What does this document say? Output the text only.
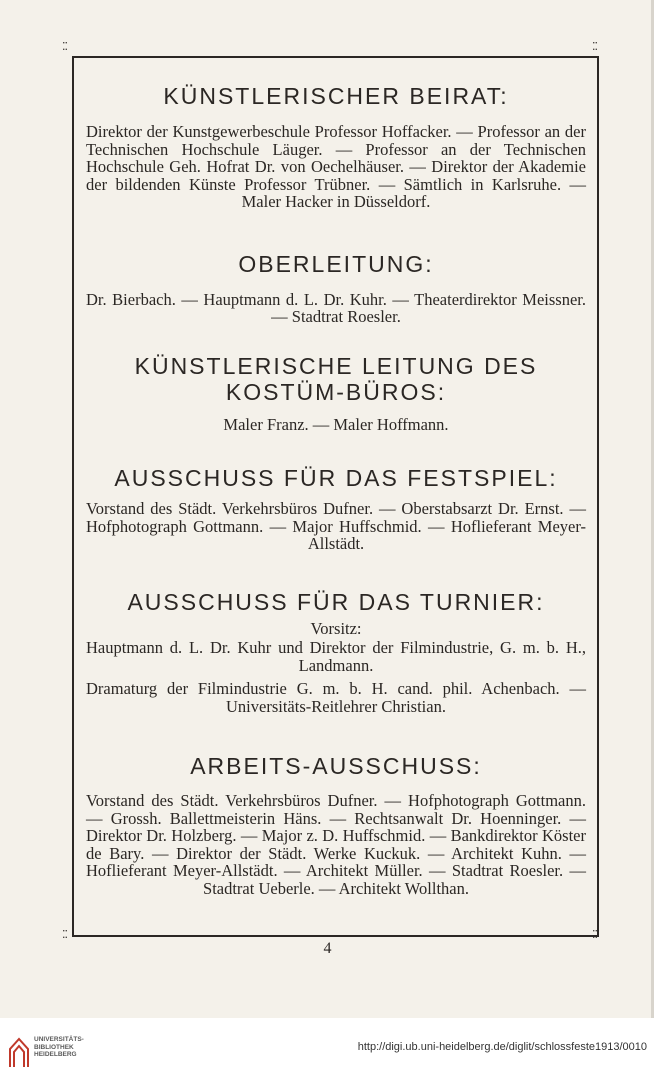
⁚⁚	⁚⁚
⁚⁚	⁚⁚
KÜNSTLERISCHER BEIRAT:

Direktor der Kunstgewerbeschule Professor Hoffacker. — Professor an der Technischen Hochschule Läuger. — Professor an der Technischen Hochschule Geh. Hofrat Dr. von Oechelhäuser. — Direktor der Akademie der bildenden Künste Professor Trübner. — Sämtlich in Karlsruhe. — Maler Hacker in Düsseldorf.

OBERLEITUNG:

Dr. Bierbach. — Hauptmann d. L. Dr. Kuhr. — Theaterdirektor Meissner. — Stadtrat Roesler.

KÜNSTLERISCHE LEITUNG DES KOSTÜM-BÜROS:

Maler Franz. — Maler Hoffmann.

AUSSCHUSS FÜR DAS FESTSPIEL:

Vorstand des Städt. Verkehrsbüros Dufner. — Oberstabsarzt Dr. Ernst. — Hofphotograph Gottmann. — Major Huffschmid. — Hoflieferant Meyer-Allstädt.

AUSSCHUSS FÜR DAS TURNIER:

Vorsitz:

Hauptmann d. L. Dr. Kuhr und Direktor der Filmindustrie, G. m. b. H., Landmann.

Dramaturg der Filmindustrie G. m. b. H. cand. phil. Achenbach. — Universitäts-Reitlehrer Christian.

ARBEITS-AUSSCHUSS:

Vorstand des Städt. Verkehrsbüros Dufner. — Hofphotograph Gottmann. — Grossh. Ballettmeisterin Häns. — Rechtsanwalt Dr. Hoenninger. — Direktor Dr. Holzberg. — Major z. D. Huffschmid. — Bankdirektor Köster de Bary. — Direktor der Städt. Werke Kuckuk. — Architekt Kuhn. — Hoflieferant Meyer-Allstädt. — Architekt Müller. — Stadtrat Roesler. — Stadtrat Ueberle. — Architekt Wollthan.

4
UNIVERSITÄTS-
BIBLIOTHEK
HEIDELBERG
http://digi.ub.uni-heidelberg.de/diglit/schlossfeste1913/0010
